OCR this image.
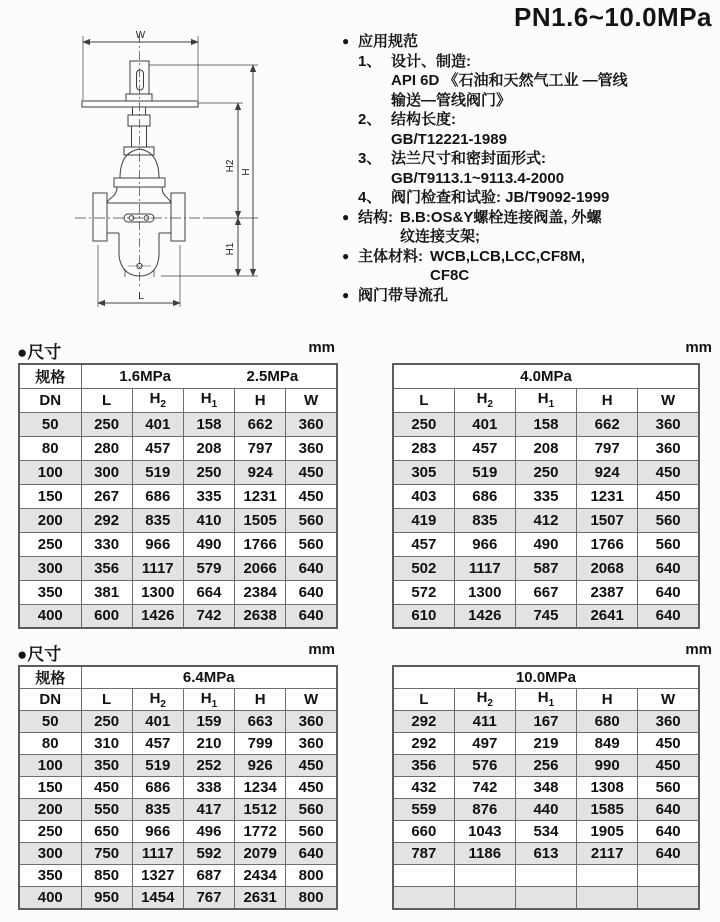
PN1.6~10.0MPa
W
H2 H
H1
L
● 应用规范
1、 设计、制造:
API 6D 《石油和天然气工业 —管线
输送—管线阀门》
2、 结构长度:
GB/T12221-1989
3、 法兰尺寸和密封面形式:
GB/T9113.1~9113.4-2000
4、 阀门检查和试验: JB/T9092-1999
● 结构: B.B:OS&Y螺栓连接阀盖, 外螺
纹连接支架;
● 主体材料: WCB,LCB,LCC,CF8M,
CF8C
● 阀门带导流孔
●尺寸	mm	mm
规格	1.6MPa 2.5MPa				

DN	L	$H_2$	$H_1$	H	W
50	250	401	158	662	360
80	280	457	208	797	360
100	300	519	250	924	450
150	267	686	335	1231	450
200	292	835	410	1505	560
250	330	966	490	1766	560
300	356	1117	579	2066	640
350	381	1300	664	2384	640
400	600	1426	742	2638	640
4.0MPa				

L	$H_2$	$H_1$	H	W
250	401	158	662	360
283	457	208	797	360
305	519	250	924	450
403	686	335	1231	450
419	835	412	1507	560
457	966	490	1766	560
502	1117	587	2068	640
572	1300	667	2387	640
610	1426	745	2641	640
●尺寸	mm	mm
规格	6.4MPa				

DN	L	$H_2$	$H_1$	H	W
50	250	401	159	663	360
80	310	457	210	799	360
100	350	519	252	926	450
150	450	686	338	1234	450
200	550	835	417	1512	560
250	650	966	496	1772	560
300	750	1117	592	2079	640
350	850	1327	687	2434	800
400	950	1454	767	2631	800
10.0MPa				

L	$H_2$	$H_1$	H	W
292	411	167	680	360
292	497	219	849	450
356	576	256	990	450
432	742	348	1308	560
559	876	440	1585	640
660	1043	534	1905	640
787	1186	613	2117	640
